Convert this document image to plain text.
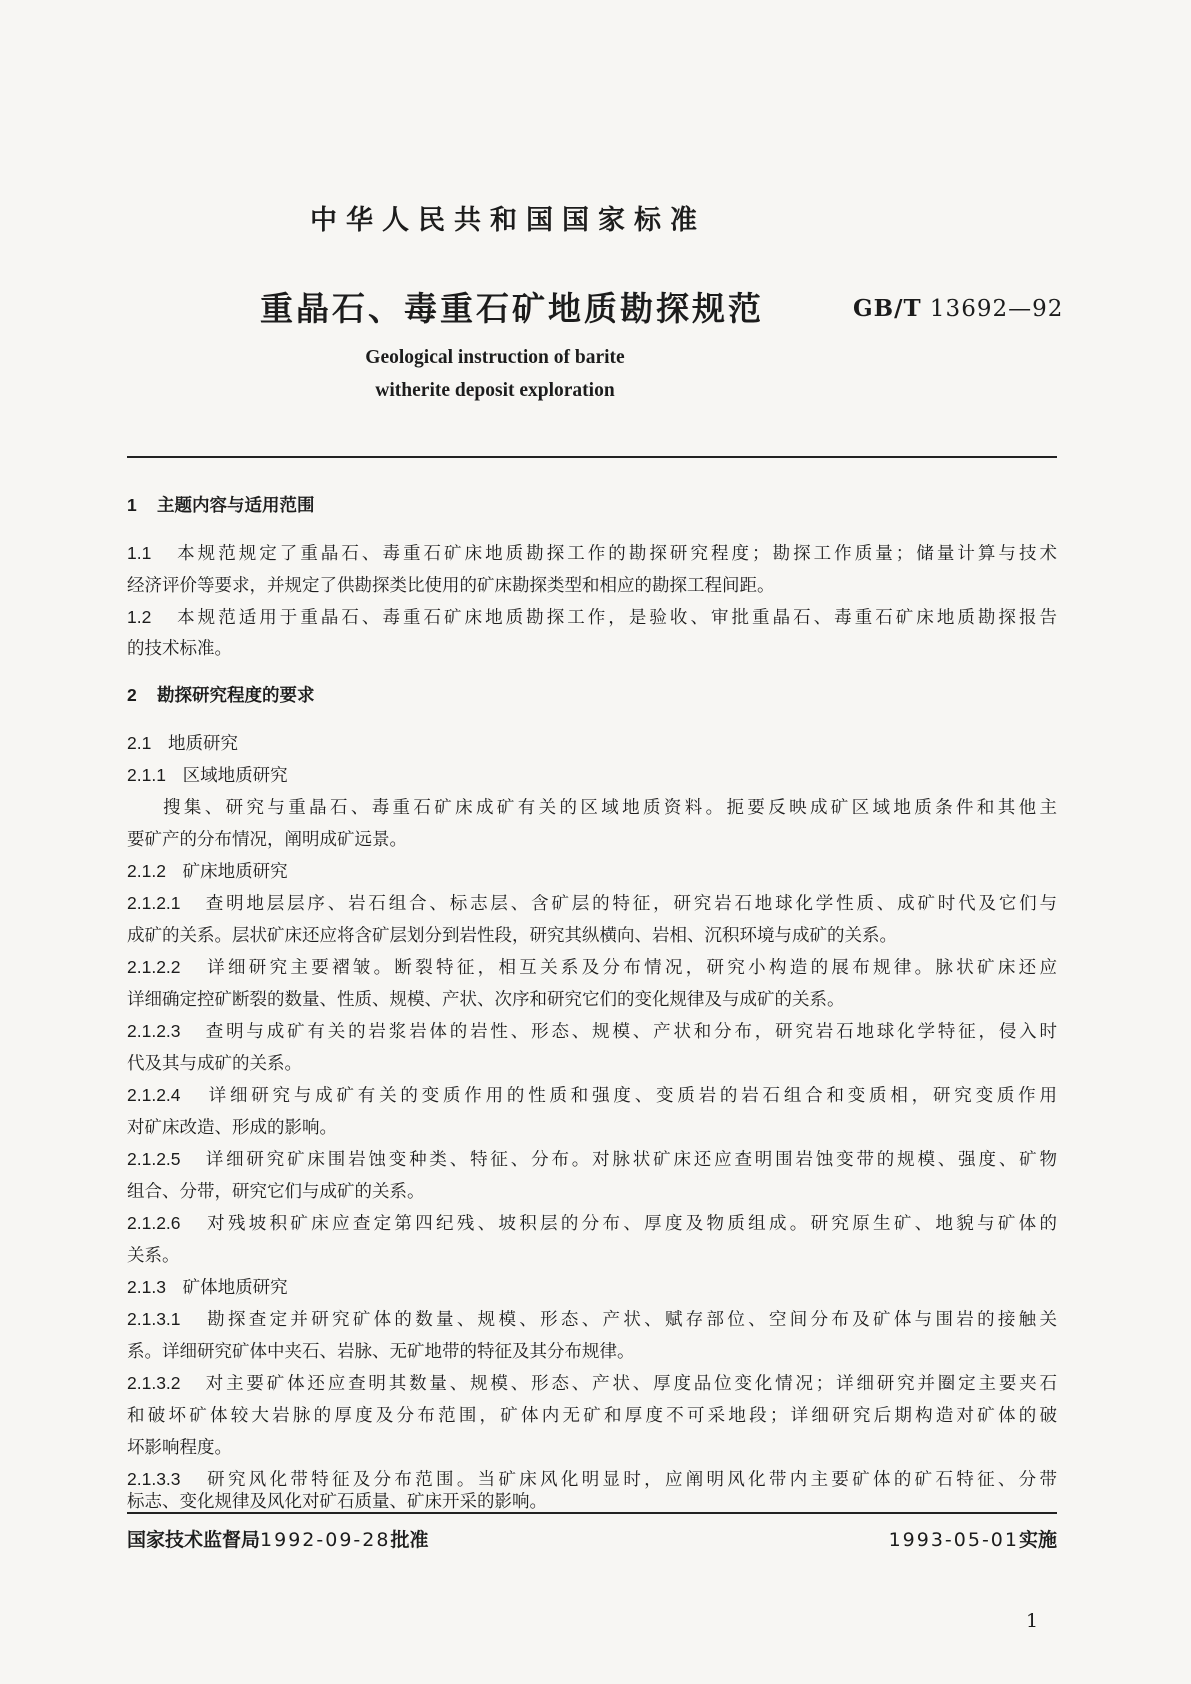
中华人民共和国国家标准
重晶石、毒重石矿地质勘探规范	GB/T 13692—92
Geological instruction of barite
witherite deposit exploration
1 主题内容与适用范围
1.1 本规范规定了重晶石、毒重石矿床地质勘探工作的勘探研究程度；勘探工作质量；储量计算与技术
经济评价等要求，并规定了供勘探类比使用的矿床勘探类型和相应的勘探工程间距。
1.2 本规范适用于重晶石、毒重石矿床地质勘探工作，是验收、审批重晶石、毒重石矿床地质勘探报告
的技术标准。
2 勘探研究程度的要求
2.1 地质研究
2.1.1 区域地质研究
搜集、研究与重晶石、毒重石矿床成矿有关的区域地质资料。扼要反映成矿区域地质条件和其他主
要矿产的分布情况，阐明成矿远景。
2.1.2 矿床地质研究
2.1.2.1 查明地层层序、岩石组合、标志层、含矿层的特征，研究岩石地球化学性质、成矿时代及它们与
成矿的关系。层状矿床还应将含矿层划分到岩性段，研究其纵横向、岩相、沉积环境与成矿的关系。
2.1.2.2 详细研究主要褶皱。断裂特征，相互关系及分布情况，研究小构造的展布规律。脉状矿床还应
详细确定控矿断裂的数量、性质、规模、产状、次序和研究它们的变化规律及与成矿的关系。
2.1.2.3 查明与成矿有关的岩浆岩体的岩性、形态、规模、产状和分布，研究岩石地球化学特征，侵入时
代及其与成矿的关系。
2.1.2.4 详细研究与成矿有关的变质作用的性质和强度、变质岩的岩石组合和变质相，研究变质作用
对矿床改造、形成的影响。
2.1.2.5 详细研究矿床围岩蚀变种类、特征、分布。对脉状矿床还应查明围岩蚀变带的规模、强度、矿物
组合、分带，研究它们与成矿的关系。
2.1.2.6 对残坡积矿床应查定第四纪残、坡积层的分布、厚度及物质组成。研究原生矿、地貌与矿体的
关系。
2.1.3 矿体地质研究
2.1.3.1 勘探查定并研究矿体的数量、规模、形态、产状、赋存部位、空间分布及矿体与围岩的接触关
系。详细研究矿体中夹石、岩脉、无矿地带的特征及其分布规律。
2.1.3.2 对主要矿体还应查明其数量、规模、形态、产状、厚度品位变化情况；详细研究并圈定主要夹石
和破坏矿体较大岩脉的厚度及分布范围，矿体内无矿和厚度不可采地段；详细研究后期构造对矿体的破
坏影响程度。
2.1.3.3 研究风化带特征及分布范围。当矿床风化明显时，应阐明风化带内主要矿体的矿石特征、分带
国家技术监督局1992-09-28批准	1993-05-01实施
1
标志、变化规律及风化对矿石质量、矿床开采的影响。
